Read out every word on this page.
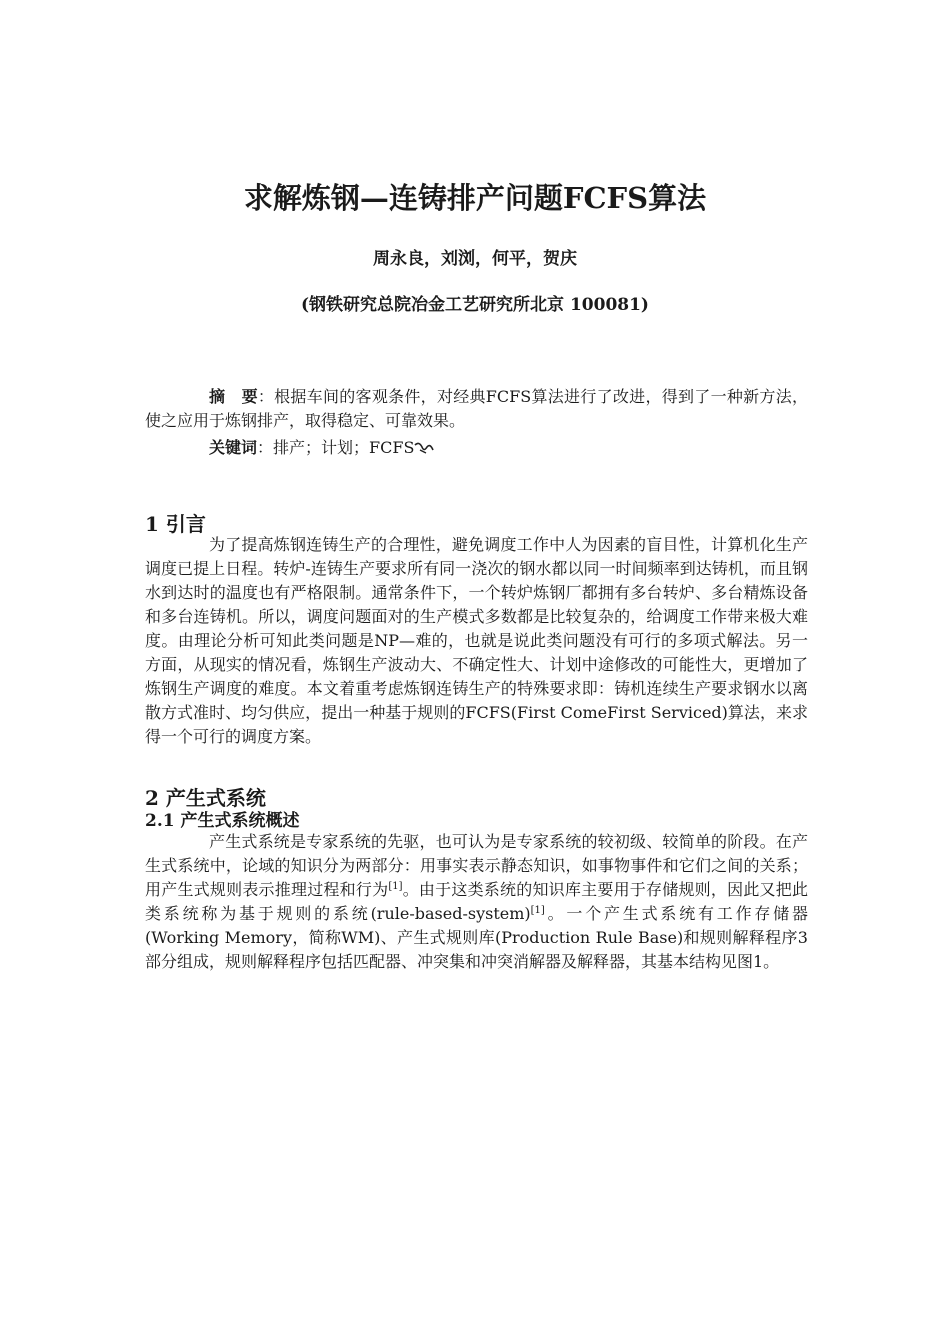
求解炼钢—连铸排产问题FCFS算法
周永良，刘浏，何平，贺庆
(钢铁研究总院冶金工艺研究所北京 100081)
摘　要：根据车间的客观条件，对经典FCFS算法进行了改进，得到了一种新方法，使之应用于炼钢排产，取得稳定、可靠效果。
关键词：排产；计划；FCFS
1 引言
为了提高炼钢连铸生产的合理性，避免调度工作中人为因素的盲目性，计算机化生产调度已提上日程。转炉-连铸生产要求所有同一浇次的钢水都以同一时间频率到达铸机，而且钢水到达时的温度也有严格限制。通常条件下，一个转炉炼钢厂都拥有多台转炉、多台精炼设备和多台连铸机。所以，调度问题面对的生产模式多数都是比较复杂的，给调度工作带来极大难度。由理论分析可知此类问题是NP—难的，也就是说此类问题没有可行的多项式解法。另一方面，从现实的情况看，炼钢生产波动大、不确定性大、计划中途修改的可能性大，更增加了炼钢生产调度的难度。本文着重考虑炼钢连铸生产的特殊要求即：铸机连续生产要求钢水以离散方式准时、均匀供应，提出一种基于规则的FCFS(First ComeFirst Serviced)算法，来求得一个可行的调度方案。
2 产生式系统
2.1 产生式系统概述
产生式系统是专家系统的先驱，也可认为是专家系统的较初级、较简单的阶段。在产生式系统中，论域的知识分为两部分：用事实表示静态知识，如事物事件和它们之间的关系；用产生式规则表示推理过程和行为[1]。由于这类系统的知识库主要用于存储规则，因此又把此类系统称为基于规则的系统(rule-based-system)[1]。一个产生式系统有工作存储器(Working Memory，简称WM)、产生式规则库(Production Rule Base)和规则解释程序3部分组成，规则解释程序包括匹配器、冲突集和冲突消解器及解释器，其基本结构见图1。
